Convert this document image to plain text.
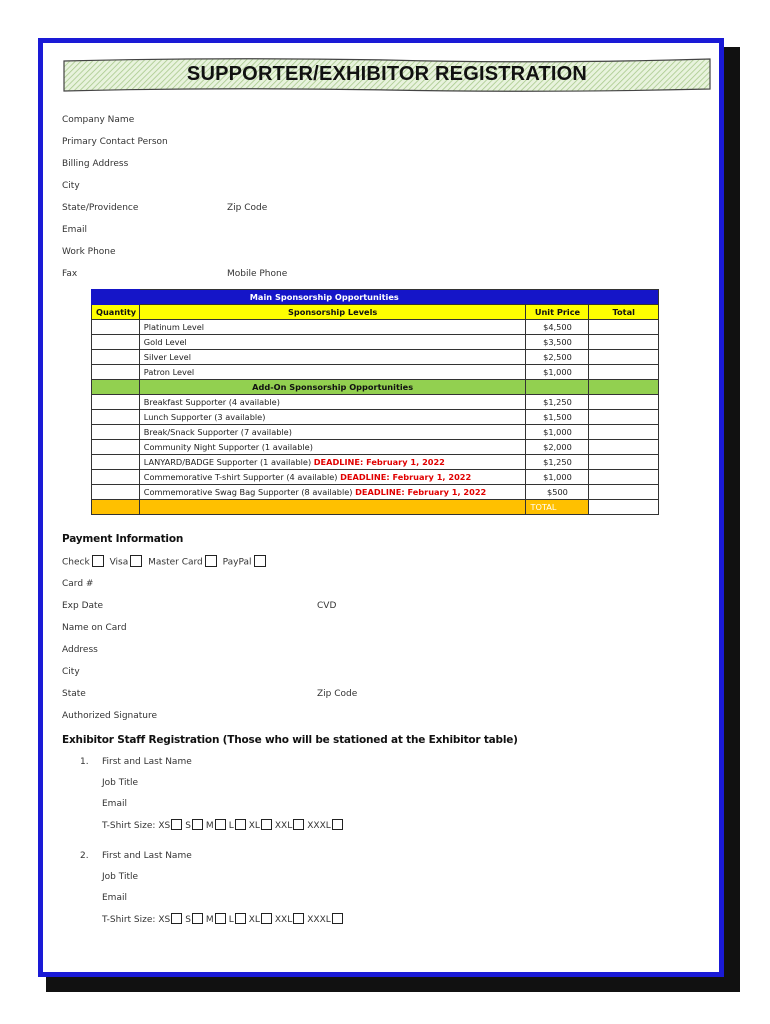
SUPPORTER/EXHIBITOR REGISTRATION
Company Name
Primary Contact Person
Billing Address
City
State/Providence	Zip Code
Email
Work Phone
Fax	Mobile Phone
	Main Sponsorship Opportunities		
Quantity	Sponsorship Levels	Unit Price	Total
	Platinum Level	$4,500	
	Gold Level	$3,500	
	Silver Level	$2,500	
	Patron Level	$1,000	
	Add-On Sponsorship Opportunities		
	Breakfast Supporter (4 available)	$1,250	
	Lunch Supporter (3 available)	$1,500	
	Break/Snack Supporter (7 available)	$1,000	
	Community Night Supporter (1 available)	$2,000	
	LANYARD/BADGE Supporter (1 available) DEADLINE: February 1, 2022	$1,250	
	Commemorative T-shirt Supporter (4 available) DEADLINE: February 1, 2022	$1,000	
	Commemorative Swag Bag Supporter (8 available) DEADLINE: February 1, 2022	$500	
		TOTAL	
Payment Information
Check Visa Master Card PayPal
Card #
Exp Date	CVD
Name on Card
Address
City
State	Zip Code
Authorized Signature
Exhibitor Staff Registration (Those who will be stationed at the Exhibitor table)
1. First and Last Name
Job Title
Email
T-Shirt Size: XS S M L XL XXL XXXL
2. First and Last Name
Job Title
Email
T-Shirt Size: XS S M L XL XXL XXXL
